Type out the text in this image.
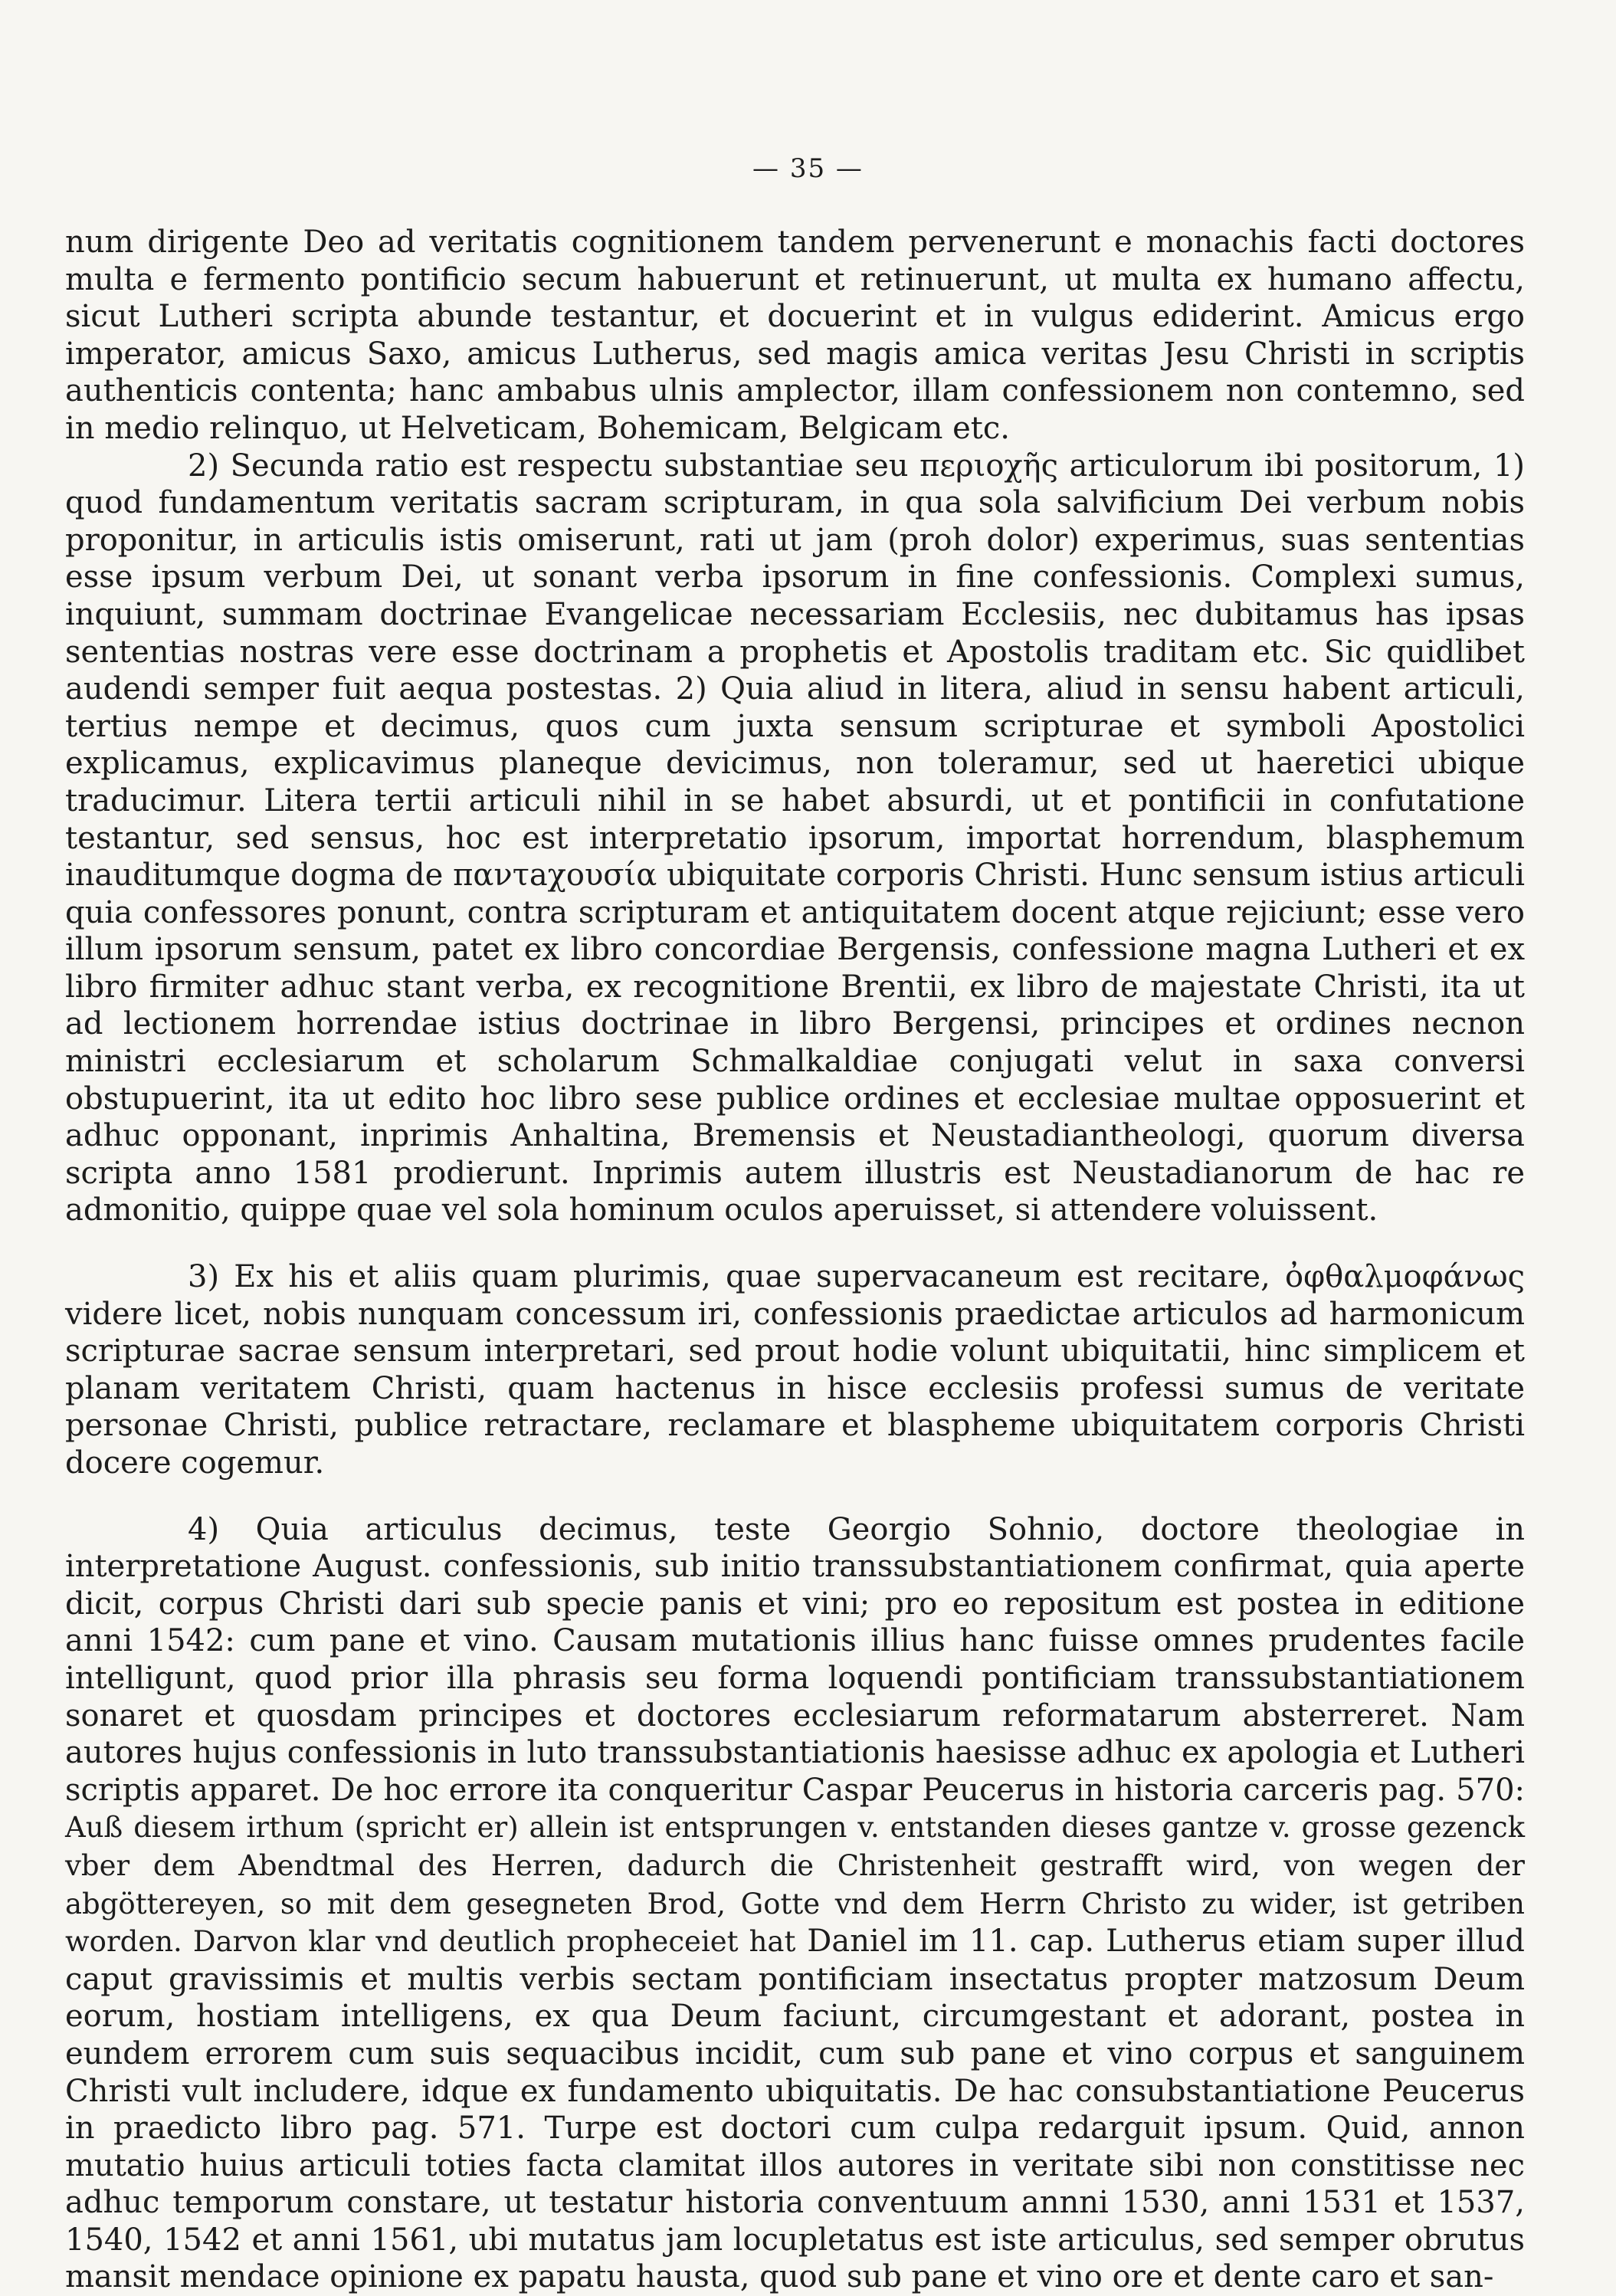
— 35 —

num dirigente Deo ad veritatis cognitionem tandem pervenerunt e monachis facti doctores multa e fermento pontificio secum habuerunt et retinuerunt, ut multa ex humano affectu, sicut Lutheri scripta abunde testantur, et docuerint et in vulgus ediderint. Amicus ergo imperator, amicus Saxo, amicus Lutherus, sed magis amica veritas Jesu Christi in scriptis authenticis contenta; hanc ambabus ulnis amplector, illam confessionem non contemno, sed in medio relinquo, ut Helveticam, Bohemicam, Belgicam etc.

2) Secunda ratio est respectu substantiae seu περιοχῆς articulorum ibi positorum, 1) quod fundamentum veritatis sacram scripturam, in qua sola salvificium Dei verbum nobis proponitur, in articulis istis omiserunt, rati ut jam (proh dolor) experimus, suas sententias esse ipsum verbum Dei, ut sonant verba ipsorum in fine confessionis. Complexi sumus, inquiunt, summam doctrinae Evangelicae necessariam Ecclesiis, nec dubitamus has ipsas sententias nostras vere esse doctrinam a prophetis et Apostolis traditam etc. Sic quidlibet audendi semper fuit aequa postestas. 2) Quia aliud in litera, aliud in sensu habent articuli, tertius nempe et decimus, quos cum juxta sensum scripturae et symboli Apostolici explicamus, explicavimus planeque devicimus, non toleramur, sed ut haeretici ubique traducimur. Litera tertii articuli nihil in se habet absurdi, ut et pontificii in confutatione testantur, sed sensus, hoc est interpretatio ipsorum, importat horrendum, blasphemum inauditumque dogma de παντaχουσία ubiquitate corporis Christi. Hunc sensum istius articuli quia confessores ponunt, contra scripturam et antiquitatem docent atque rejiciunt; esse vero illum ipsorum sensum, patet ex libro concordiae Bergensis, confessione magna Lutheri et ex libro firmiter adhuc stant verba, ex recognitione Brentii, ex libro de majestate Christi, ita ut ad lectionem horrendae istius doctrinae in libro Bergensi, principes et ordines necnon ministri ecclesiarum et scholarum Schmalkaldiae conjugati velut in saxa conversi obstupuerint, ita ut edito hoc libro sese publice ordines et ecclesiae multae opposuerint et adhuc opponant, inprimis Anhaltina, Bremensis et Neustadiantheologi, quorum diversa scripta anno 1581 prodierunt. Inprimis autem illustris est Neustadianorum de hac re admonitio, quippe quae vel sola hominum oculos aperuisset, si attendere voluissent.

3) Ex his et aliis quam plurimis, quae supervacaneum est recitare, ὀφθαλμοφάνως videre licet, nobis nunquam concessum iri, confessionis praedictae articulos ad harmonicum scripturae sacrae sensum interpretari, sed prout hodie volunt ubiquitatii, hinc simplicem et planam veritatem Christi, quam hactenus in hisce ecclesiis professi sumus de veritate personae Christi, publice retractare, reclamare et blaspheme ubiquitatem corporis Christi docere cogemur.

4) Quia articulus decimus, teste Georgio Sohnio, doctore theologiae in interpretatione August. confessionis, sub initio transsubstantiationem confirmat, quia aperte dicit, corpus Christi dari sub specie panis et vini; pro eo repositum est postea in editione anni 1542: cum pane et vino. Causam mutationis illius hanc fuisse omnes prudentes facile intelligunt, quod prior illa phrasis seu forma loquendi pontificiam transsubstantiationem sonaret et quosdam principes et doctores ecclesiarum reformatarum absterreret. Nam autores hujus confessionis in luto transsubstantiationis haesisse adhuc ex apologia et Lutheri scriptis apparet. De hoc errore ita conqueritur Caspar Peucerus in historia carceris pag. 570: Auß diesem irthum (spricht er) allein ist entsprungen v. entstanden dieses gantze v. grosse gezenck vber dem Abendtmal des Herren, dadurch die Christenheit gestrafft wird, von wegen der abgöttereyen, so mit dem gesegneten Brod, Gotte vnd dem Herrn Christo zu wider, ist getriben worden. Darvon klar vnd deutlich propheceiet hat Daniel im 11. cap. Lutherus etiam super illud caput gravissimis et multis verbis sectam pontificiam insectatus propter matzosum Deum eorum, hostiam intelligens, ex qua Deum faciunt, circumgestant et adorant, postea in eundem errorem cum suis sequacibus incidit, cum sub pane et vino corpus et sanguinem Christi vult includere, idque ex fundamento ubiquitatis. De hac consubstantiatione Peucerus in praedicto libro pag. 571. Turpe est doctori cum culpa redarguit ipsum. Quid, annon mutatio huius articuli toties facta clamitat illos autores in veritate sibi non constitisse nec adhuc temporum constare, ut testatur historia conventuum annni 1530, anni 1531 et 1537, 1540, 1542 et anni 1561, ubi mutatus jam locupletatus est iste articulus, sed semper obrutus mansit mendace opinione ex papatu hausta, quod sub pane et vino ore et dente caro et san-
